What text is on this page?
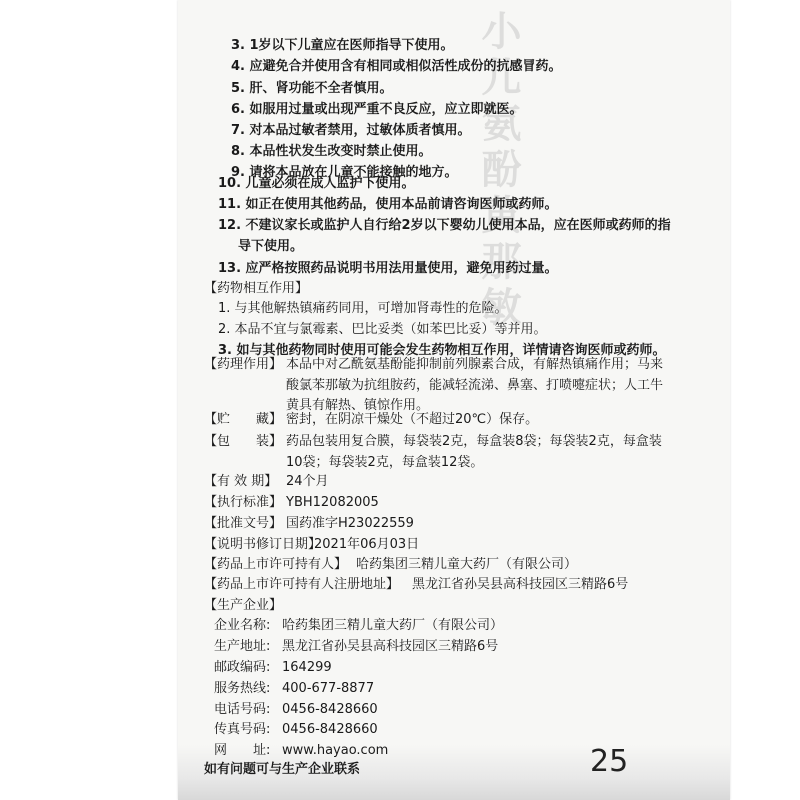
3. 1岁以下儿童应在医师指导下使用。
4. 应避免合并使用含有相同或相似活性成份的抗感冒药。
5. 肝、肾功能不全者慎用。
6. 如服用过量或出现严重不良反应，应立即就医。
7. 对本品过敏者禁用，过敏体质者慎用。
8. 本品性状发生改变时禁止使用。
9. 请将本品放在儿童不能接触的地方。
10. 儿童必须在成人监护下使用。
11. 如正在使用其他药品，使用本品前请咨询医师或药师。
12. 不建议家长或监护人自行给2岁以下婴幼儿使用本品，应在医师或药师的指
导下使用。
13. 应严格按照药品说明书用法用量使用，避免用药过量。
【药物相互作用】
1. 与其他解热镇痛药同用，可增加肾毒性的危险。
2. 本品不宜与氯霉素、巴比妥类（如苯巴比妥）等并用。
3. 如与其他药物同时使用可能会发生药物相互作用，详情请咨询医师或药师。
【药理作用】 本品中对乙酰氨基酚能抑制前列腺素合成，有解热镇痛作用；马来
酸氯苯那敏为抗组胺药，能减轻流涕、鼻塞、打喷嚏症状；人工牛
黄具有解热、镇惊作用。
【贮　　藏】 密封，在阴凉干燥处（不超过20℃）保存。
【包　　装】 药品包装用复合膜，每袋装2克，每盒装8袋；每袋装2克，每盒装
10袋；每袋装2克，每盒装12袋。
【有 效 期】 24个月
【执行标准】 YBH12082005
【批准文号】 国药准字H23022559
【说明书修订日期】
2021年06月03日
【药品上市许可持有人】 哈药集团三精儿童大药厂（有限公司）
【药品上市许可持有人注册地址】 黑龙江省孙吴县高科技园区三精路6号
【生产企业】
企业名称: 哈药集团三精儿童大药厂（有限公司）
生产地址: 黑龙江省孙吴县高科技园区三精路6号
邮政编码: 164299
服务热线: 400-677-8877
电话号码: 0456-8428660
传真号码: 0456-8428660
网　　址: www.hayao.com
如有问题可与生产企业联系	25
